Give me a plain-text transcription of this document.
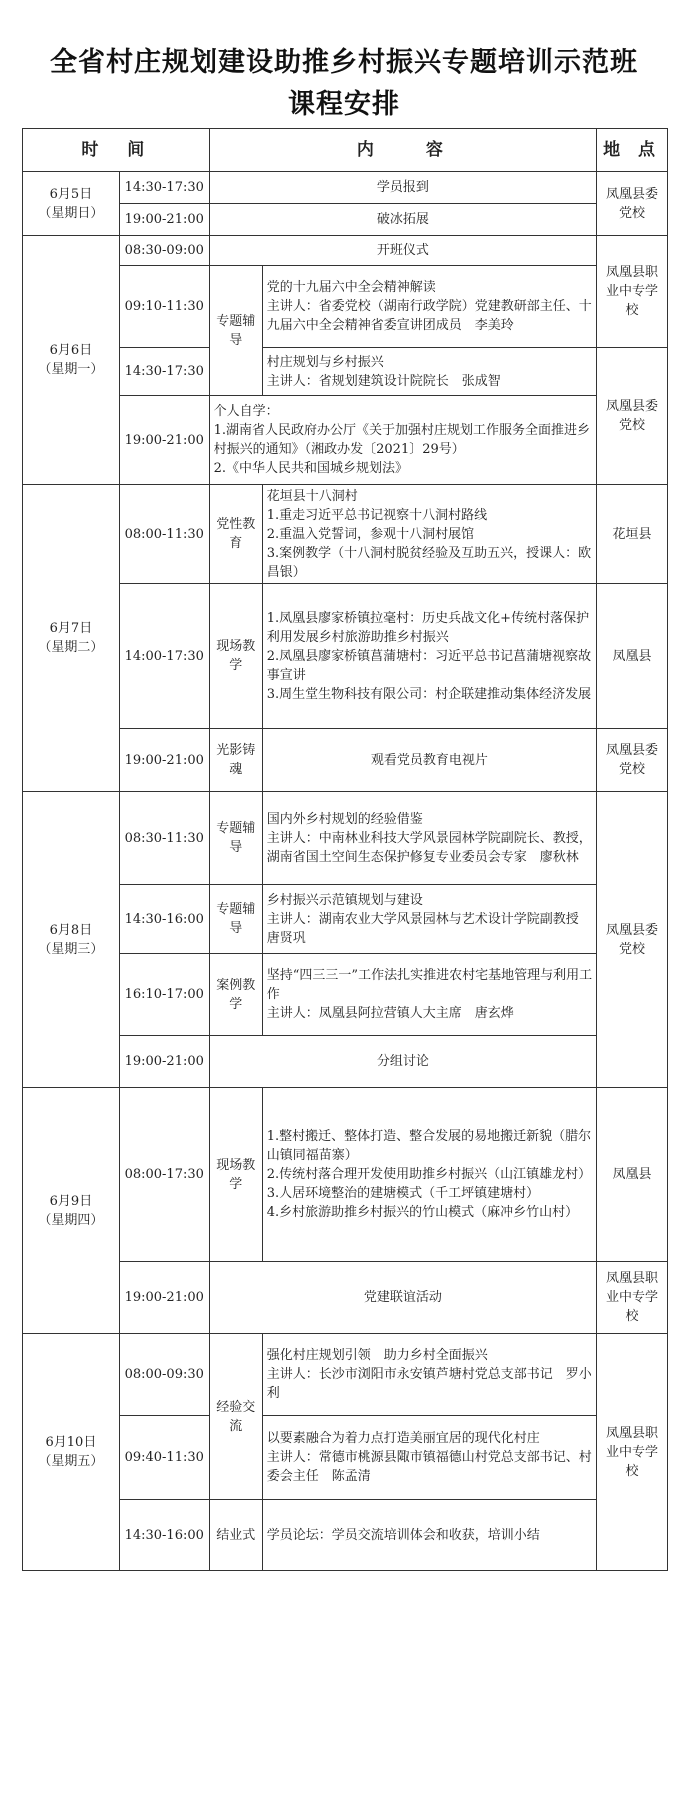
全省村庄规划建设助推乡村振兴专题培训示范班
课程安排
时　间		内　　容		地 点

6月5日
（星期日）	14:30-17:30	学员报到		凤凰县委党校
	19:00-21:00	破冰拓展		

6月6日
（星期一）	08:30-09:00	开班仪式		凤凰县职业中专学校
	09:10-11:30	专题辅导	党的十九届六中全会精神解读
主讲人：省委党校（湖南行政学院）党建教研部主任、十九届六中全会精神省委宣讲团成员　李美玲	

	14:30-17:30		村庄规划与乡村振兴
主讲人：省规划建筑设计院院长　张成智	凤凰县委党校
	19:00-21:00	个人自学：
1.湖南省人民政府办公厅《关于加强村庄规划工作服务全面推进乡村振兴的通知》（湘政办发〔2021〕29号）
2.《中华人民共和国城乡规划法》		

6月7日
（星期二）	08:00-11:30	党性教育	花垣县十八洞村
1.重走习近平总书记视察十八洞村路线
2.重温入党誓词，参观十八洞村展馆
3.案例教学（十八洞村脱贫经验及互助五兴，授课人：欧昌银）	花垣县
	14:00-17:30	现场教学	1.凤凰县廖家桥镇拉毫村：历史兵战文化+传统村落保护利用发展乡村旅游助推乡村振兴
2.凤凰县廖家桥镇菖蒲塘村：习近平总书记菖蒲塘视察故事宣讲
3.周生堂生物科技有限公司：村企联建推动集体经济发展	凤凰县
	19:00-21:00	光影铸魂	观看党员教育电视片	凤凰县委党校

6月8日
（星期三）	08:30-11:30	专题辅导	国内外乡村规划的经验借鉴
主讲人：中南林业科技大学风景园林学院副院长、教授，湖南省国土空间生态保护修复专业委员会专家　廖秋林	凤凰县委党校
	14:30-16:00	专题辅导	乡村振兴示范镇规划与建设
主讲人：湖南农业大学风景园林与艺术设计学院副教授　唐贤巩	

	16:10-17:00	案例教学	坚持“四三三一”工作法扎实推进农村宅基地管理与利用工作
主讲人：凤凰县阿拉营镇人大主席　唐玄烨	

	19:00-21:00	分组讨论		

6月9日
（星期四）	08:00-17:30	现场教学	1.整村搬迁、整体打造、整合发展的易地搬迁新貌（腊尔山镇同福苗寨）
2.传统村落合理开发使用助推乡村振兴（山江镇雄龙村）
3.人居环境整治的建塘模式（千工坪镇建塘村）
4.乡村旅游助推乡村振兴的竹山模式（麻冲乡竹山村）	凤凰县
	19:00-21:00	党建联谊活动		凤凰县职业中专学校

6月10日
（星期五）	08:00-09:30	经验交流	强化村庄规划引领　助力乡村全面振兴
主讲人：长沙市浏阳市永安镇芦塘村党总支部书记　罗小利	凤凰县职业中专学校
	09:40-11:30		以要素融合为着力点打造美丽宜居的现代化村庄
主讲人：常德市桃源县陬市镇福德山村党总支部书记、村委会主任　陈孟清	

	14:30-16:00	结业式	学员论坛：学员交流培训体会和收获，培训小结	
